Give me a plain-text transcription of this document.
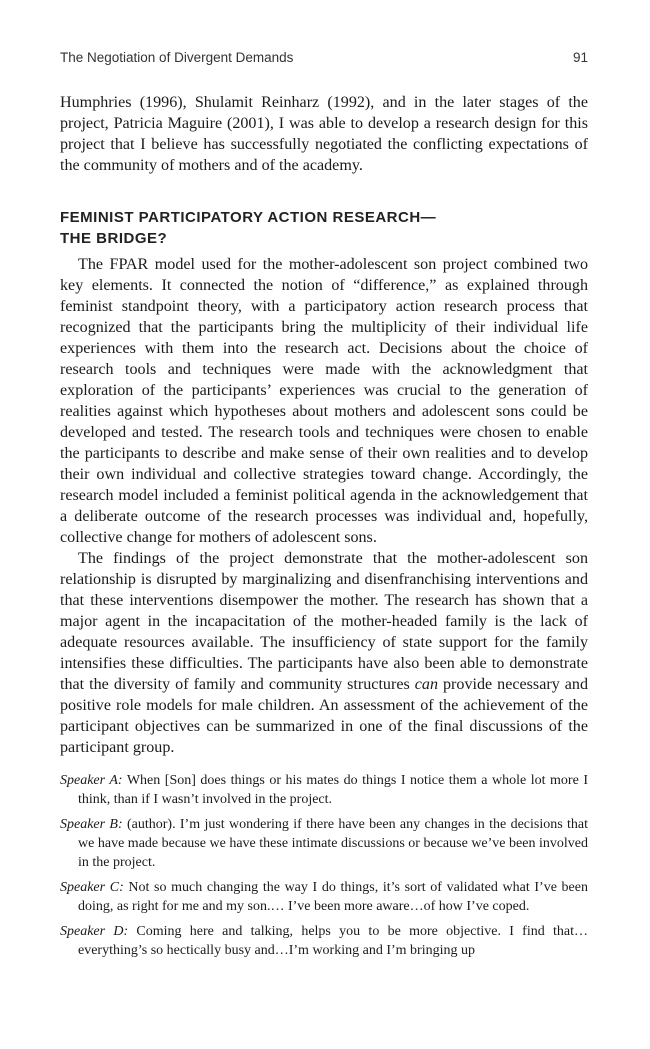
The Negotiation of Divergent Demands	91

Humphries (1996), Shulamit Reinharz (1992), and in the later stages of the project, Patricia Maguire (2001), I was able to develop a research design for this project that I believe has successfully negotiated the conflicting expectations of the community of mothers and of the academy.

FEMINIST PARTICIPATORY ACTION RESEARCH—
THE BRIDGE?

The FPAR model used for the mother-adolescent son project combined two key elements. It connected the notion of “difference,” as explained through feminist standpoint theory, with a participatory action research process that recognized that the participants bring the multiplicity of their individual life experiences with them into the research act. Decisions about the choice of research tools and techniques were made with the acknowledgment that exploration of the participants’ experiences was crucial to the generation of realities against which hypotheses about mothers and adolescent sons could be developed and tested. The research tools and techniques were chosen to enable the participants to describe and make sense of their own realities and to develop their own individual and collective strategies toward change. Accordingly, the research model included a feminist political agenda in the acknowledgement that a deliberate outcome of the research processes was individual and, hopefully, collective change for mothers of adolescent sons.

The findings of the project demonstrate that the mother-adolescent son relationship is disrupted by marginalizing and disenfranchising interventions and that these interventions disempower the mother. The research has shown that a major agent in the incapacitation of the mother-headed family is the lack of adequate resources available. The insufficiency of state support for the family intensifies these difficulties. The participants have also been able to demonstrate that the diversity of family and community structures can provide necessary and positive role models for male children. An assessment of the achievement of the participant objectives can be summarized in one of the final discussions of the participant group.

Speaker A: When [Son] does things or his mates do things I notice them a whole lot more I think, than if I wasn’t involved in the project.

Speaker B: (author). I’m just wondering if there have been any changes in the decisions that we have made because we have these intimate discussions or because we’ve been involved in the project.

Speaker C: Not so much changing the way I do things, it’s sort of validated what I’ve been doing, as right for me and my son.… I’ve been more aware…of how I’ve coped.

Speaker D: Coming here and talking, helps you to be more objective. I find that…everything’s so hectically busy and…I’m working and I’m bringing up
